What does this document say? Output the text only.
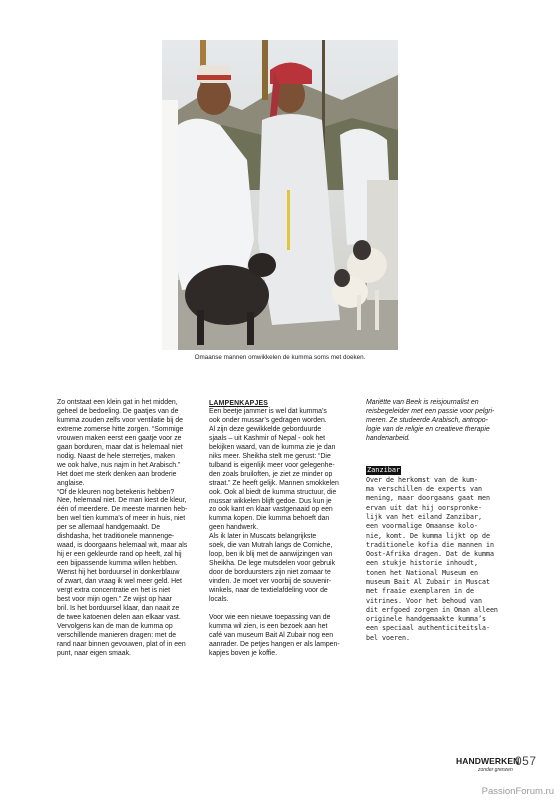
Omaanse mannen omwikkelen de kumma soms met doeken.

Zo ontstaat een klein gat in het midden,

geheel de bedoeling. De gaatjes van de

kumma zouden zelfs voor ventilatie bij de

extreme zomerse hitte zorgen. “Sommige

vrouwen maken eerst een gaatje voor ze

gaan borduren, maar dat is helemaal niet

nodig. Naast de hele sterretjes, maken

we ook halve, nus najm in het Arabisch.”

Het doet me sterk denken aan broderie

anglaise.

“Of de kleuren nog betekenis hebben?

Nee, helemaal niet. De man kiest de kleur,

één of meerdere. De meeste mannen heb-

ben wel tien kumma’s of meer in huis, niet

per se allemaal handgemaakt. De

dishdasha, het traditionele mannenge-

waad, is doorgaans helemaal wit, maar als

hij er een gekleurde rand op heeft, zal hij

een bijpassende kumma willen hebben.

Wenst hij het borduursel in donkerblauw

of zwart, dan vraag ik wel meer geld. Het

vergt extra concentratie en het is niet

best voor mijn ogen.” Ze wijst op haar

bril. Is het borduursel klaar, dan naait ze

de twee katoenen delen aan elkaar vast.

Vervolgens kan de man de kumma op

verschillende manieren dragen: met de

rand naar binnen gevouwen, plat of in een

punt, naar eigen smaak.

LAMPENKAPJES

Een beetje jammer is wel dat kumma’s

ook onder mussar’s gedragen worden.

Al zijn deze gewikkelde geborduurde

sjaals – uit Kashmir of Nepal - ook het

bekijken waard, van de kumma zie je dan

niks meer. Sheikha stelt me gerust: “Die

tulband is eigenlijk meer voor gelegenhe-

den zoals bruiloften, je ziet ze minder op

straat.” Ze heeft gelijk. Mannen smokkelen

ook. Ook al biedt de kumma structuur, die

mussar wikkelen blijft gedoe. Dus kun je

zo ook kant en klaar vastgenaaid op een

kumma kopen. Die kumma behoeft dan

geen handwerk.

Als ik later in Muscats belangrijkste

soek, die van Mutrah langs de Corniche,

loop, ben ik blij met de aanwijzingen van

Sheikha. De lege mutsdelen voor gebruik

door de borduursters zijn niet zomaar te

vinden. Je moet ver voorbij de souvenir-

winkels, naar de textielafdeling voor de

locals.

Voor wie een nieuwe toepassing van de

kumma wil zien, is een bezoek aan het

café van museum Bait Al Zubair nog een

aanrader. De petjes hangen er als lampen-

kapjes boven je koffie.

Mariëtte van Beek is reisjournalist en

reisbegeleider met een passie voor pelgri-

meren. Ze studeerde Arabisch, antropo-

logie van de religie en creatieve therapie

handenarbeid.

Zanzibar

Over de herkomst van de kum-

ma verschillen de experts van

mening, maar doorgaans gaat men

ervan uit dat hij oorspronke-

lijk van het eiland Zanzibar,

een voormalige Omaanse kolo-

nie, komt. De kumma lijkt op de

traditionele kofia die mannen in

Oost-Afrika dragen. Dat de kumma

een stukje historie inhoudt,

tonen het National Museum en

museum Bait Al Zubair in Muscat

met fraaie exemplaren in de

vitrines. Voor het behoud van

dit erfgoed zorgen in Oman alleen

originele handgemaakte kumma’s

een speciaal authenticiteitsla-

bel voeren.

HANDWERKEN
zonder grenzen
057
PassionForum.ru
